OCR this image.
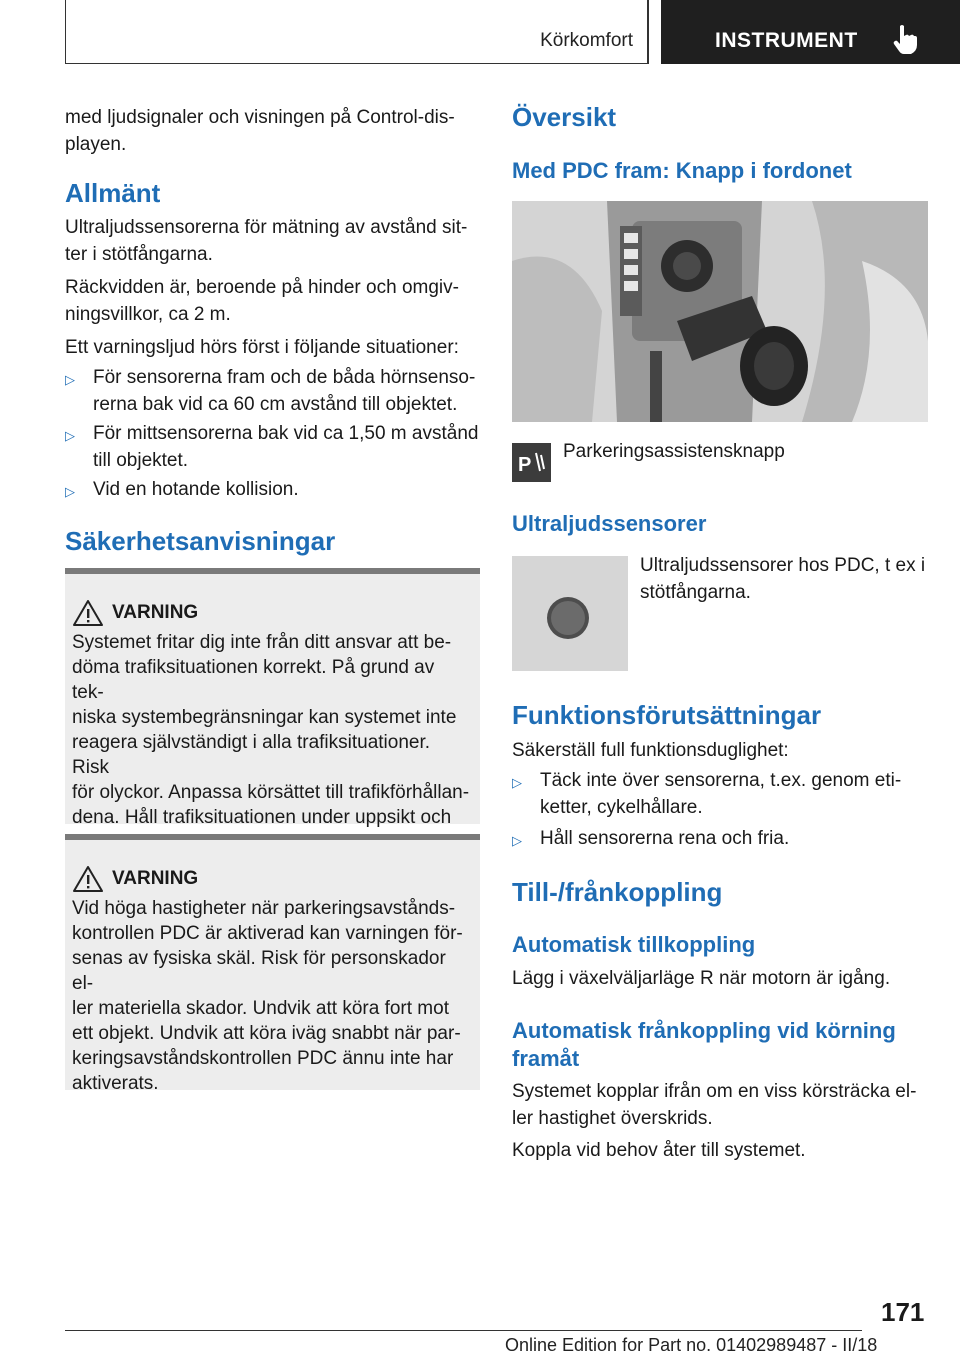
Körkomfort	INSTRUMENT
med ljudsignaler och visningen på Control-dis-
playen.
Allmänt
Ultraljudssensorerna för mätning av avstånd sit-
ter i stötfångarna.
Räckvidden är, beroende på hinder och omgiv-
ningsvillkor, ca 2 m.
Ett varningsljud hörs först i följande situationer:
▷ För sensorerna fram och de båda hörnsenso-
rerna bak vid ca 60 cm avstånd till objektet.
▷ För mittsensorerna bak vid ca 1,50 m avstånd
till objektet.
▷ Vid en hotande kollision.
Säkerhetsanvisningar
VARNING
Systemet fritar dig inte från ditt ansvar att be-
döma trafiksituationen korrekt. På grund av tek-
niska systembegränsningar kan systemet inte
reagera självständigt i alla trafiksituationer. Risk
för olyckor. Anpassa körsättet till trafikförhållan-
dena. Håll trafiksituationen under uppsikt och
VARNING
Vid höga hastigheter när parkeringsavstånds-
kontrollen PDC är aktiverad kan varningen för-
senas av fysiska skäl. Risk för personskador el-
ler materiella skador. Undvik att köra fort mot
ett objekt. Undvik att köra iväg snabbt när par-
keringsavståndskontrollen PDC ännu inte har
aktiverats.
Översikt
Med PDC fram: Knapp i fordonet
P
Parkeringsassistensknapp
Ultraljudssensorer
Ultraljudssensorer hos PDC, t ex i
stötfångarna.
Funktionsförutsättningar
Säkerställ full funktionsduglighet:
▷ Täck inte över sensorerna, t.ex. genom eti-
ketter, cykelhållare.
▷ Håll sensorerna rena och fria.
Till-/frånkoppling
Automatisk tillkoppling
Lägg i växelväljarläge R när motorn är igång.
Automatisk frånkoppling vid körning
framåt
Systemet kopplar ifrån om en viss körsträcka el-
ler hastighet överskrids.
Koppla vid behov åter till systemet.
171
Online Edition for Part no. 01402989487 - II/18
